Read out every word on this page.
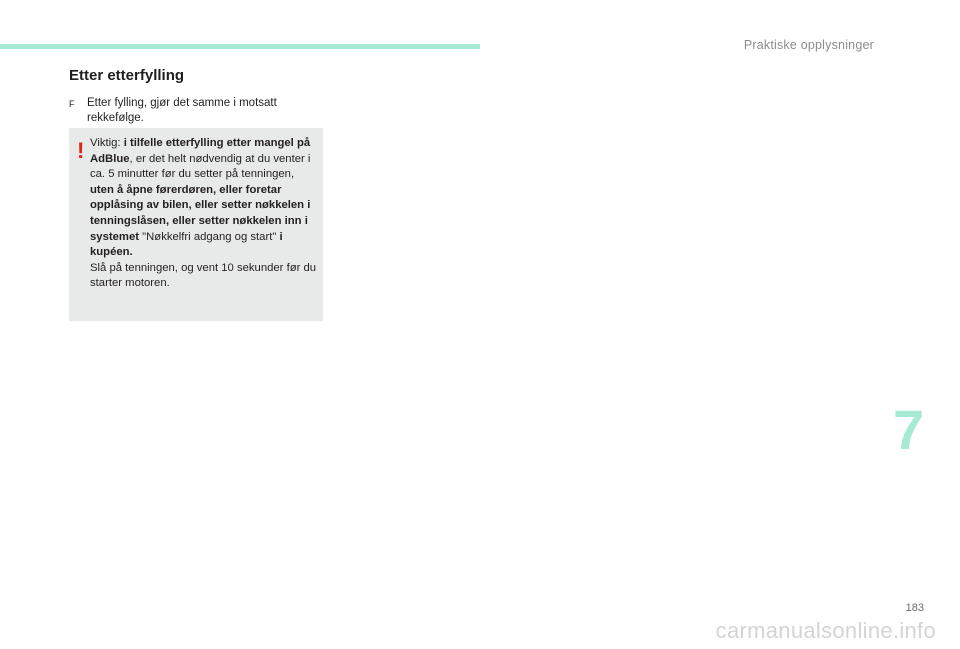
Praktiske opplysninger
Etter etterfylling
F	Etter fylling, gjør det samme i motsatt rekkefølge.
! Viktig: i tilfelle etterfylling etter mangel på AdBlue, er det helt nødvendig at du venter i ca. 5 minutter før du setter på tenningen, uten å åpne førerdøren, eller foretar opplåsing av bilen, eller setter nøkkelen i tenningslåsen, eller setter nøkkelen inn i systemet "Nøkkelfri adgang og start" i kupéen.
Slå på tenningen, og vent 10 sekunder før du starter motoren.
7
183
carmanualsonline.info
